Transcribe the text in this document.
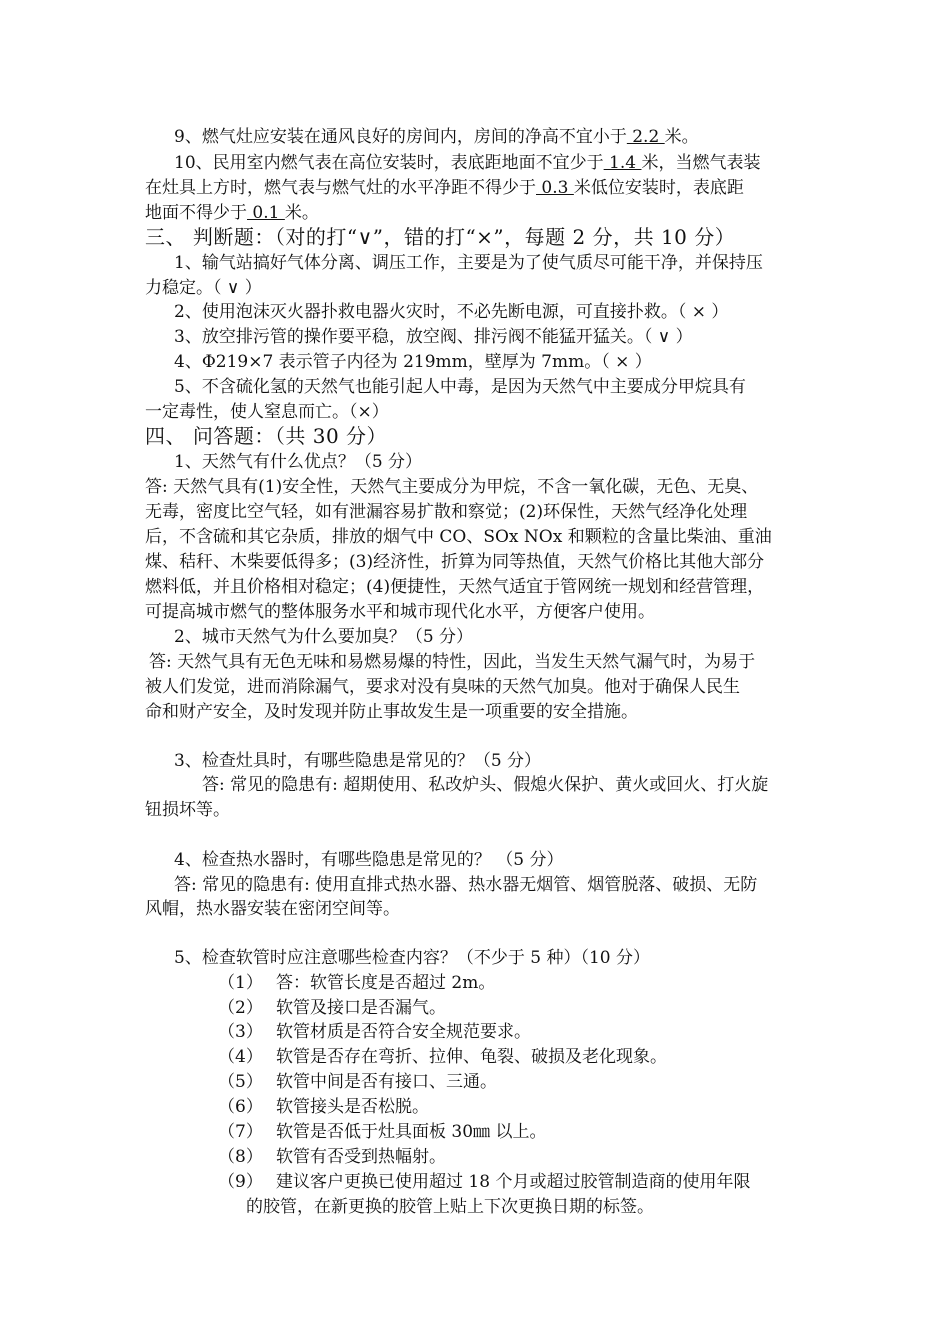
9、燃气灶应安装在通风良好的房间内，房间的净高不宜小于 2.2 米。
10、民用室内燃气表在高位安装时，表底距地面不宜少于 1.4 米，当燃气表装
在灶具上方时，燃气表与燃气灶的水平净距不得少于 0.3 米低位安装时，表底距
地面不得少于 0.1 米。
三、 判断题：（对的打“∨”，错的打“×”，每题 2 分，共 10 分）
1、输气站搞好气体分离、调压工作，主要是为了使气质尽可能干净，并保持压
力稳定。（ ∨ ）
2、使用泡沫灭火器扑救电器火灾时，不必先断电源，可直接扑救。（ × ）
3、放空排污管的操作要平稳，放空阀、排污阀不能猛开猛关。（ ∨ ）
4、Φ219×7 表示管子内径为 219mm，壁厚为 7mm。（ × ）
5、不含硫化氢的天然气也能引起人中毒，是因为天然气中主要成分甲烷具有
一定毒性，使人窒息而亡。（×）
四、 问答题：（共 30 分）
1、天然气有什么优点？（5 分）
答: 天然气具有(1)安全性，天然气主要成分为甲烷，不含一氧化碳，无色、无臭、
无毒，密度比空气轻，如有泄漏容易扩散和察觉；(2)环保性，天然气经净化处理
后，不含硫和其它杂质，排放的烟气中 CO、SOx NOx 和颗粒的含量比柴油、重油
煤、秸秆、木柴要低得多；(3)经济性，折算为同等热值，天然气价格比其他大部分
燃料低，并且价格相对稳定；(4)便捷性，天然气适宜于管网统一规划和经营管理，
可提高城市燃气的整体服务水平和城市现代化水平，方便客户使用。
2、城市天然气为什么要加臭？（5 分）
答: 天然气具有无色无味和易燃易爆的特性，因此，当发生天然气漏气时，为易于
被人们发觉，进而消除漏气，要求对没有臭味的天然气加臭。他对于确保人民生
命和财产安全，及时发现并防止事故发生是一项重要的安全措施。
3、检查灶具时，有哪些隐患是常见的？（5 分）
答: 常见的隐患有: 超期使用、私改炉头、假熄火保护、黄火或回火、打火旋
钮损坏等。
4、检查热水器时，有哪些隐患是常见的？ （5 分）
答: 常见的隐患有: 使用直排式热水器、热水器无烟管、烟管脱落、破损、无防
风帽，热水器安装在密闭空间等。
5、检查软管时应注意哪些检查内容？（不少于 5 种）（10 分）
（1） 答：软管长度是否超过 2m。
（2） 软管及接口是否漏气。
（3） 软管材质是否符合安全规范要求。
（4） 软管是否存在弯折、拉伸、龟裂、破损及老化现象。
（5） 软管中间是否有接口、三通。
（6） 软管接头是否松脱。
（7） 软管是否低于灶具面板 30㎜ 以上。
（8） 软管有否受到热幅射。
（9） 建议客户更换已使用超过 18 个月或超过胶管制造商的使用年限
的胶管，在新更换的胶管上贴上下次更换日期的标签。
